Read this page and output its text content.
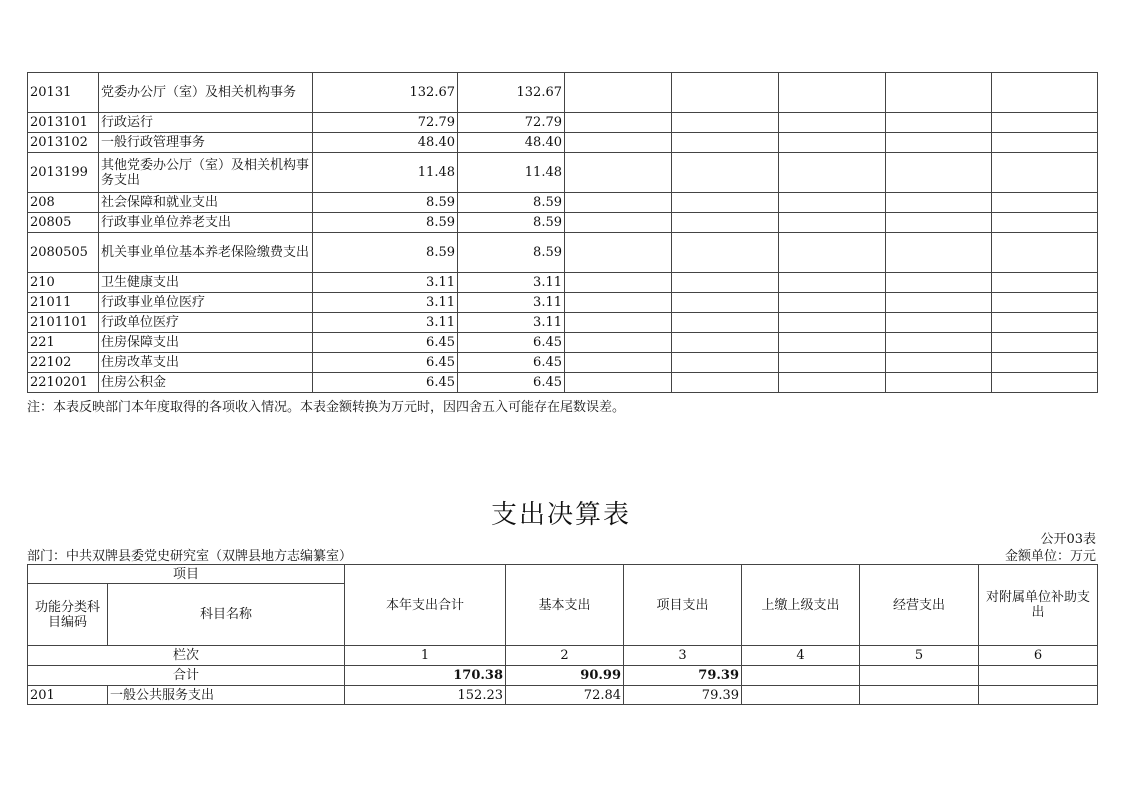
20131	党委办公厅（室）及相关机构事务	132.67	132.67					
2013101	行政运行	72.79	72.79					
2013102	一般行政管理事务	48.40	48.40					
2013199	其他党委办公厅（室）及相关机构事务支出	11.48	11.48					
208	社会保障和就业支出	8.59	8.59					
20805	行政事业单位养老支出	8.59	8.59					
2080505	机关事业单位基本养老保险缴费支出	8.59	8.59					
210	卫生健康支出	3.11	3.11					
21011	行政事业单位医疗	3.11	3.11					
2101101	行政单位医疗	3.11	3.11					
221	住房保障支出	6.45	6.45					
22102	住房改革支出	6.45	6.45					
2210201	住房公积金	6.45	6.45					
注：本表反映部门本年度取得的各项收入情况。本表金额转换为万元时，因四舍五入可能存在尾数误差。
支出决算表
公开03表
部门：中共双牌县委党史研究室（双牌县地方志编纂室）	金额单位：万元
项目		本年支出合计	基本支出	项目支出	上缴上级支出	经营支出	对附属单位补助支出
功能分类科目编码	科目名称						
栏次		1	2	3	4	5	6
合计		170.38	90.99	79.39			
201	一般公共服务支出	152.23	72.84	79.39			
